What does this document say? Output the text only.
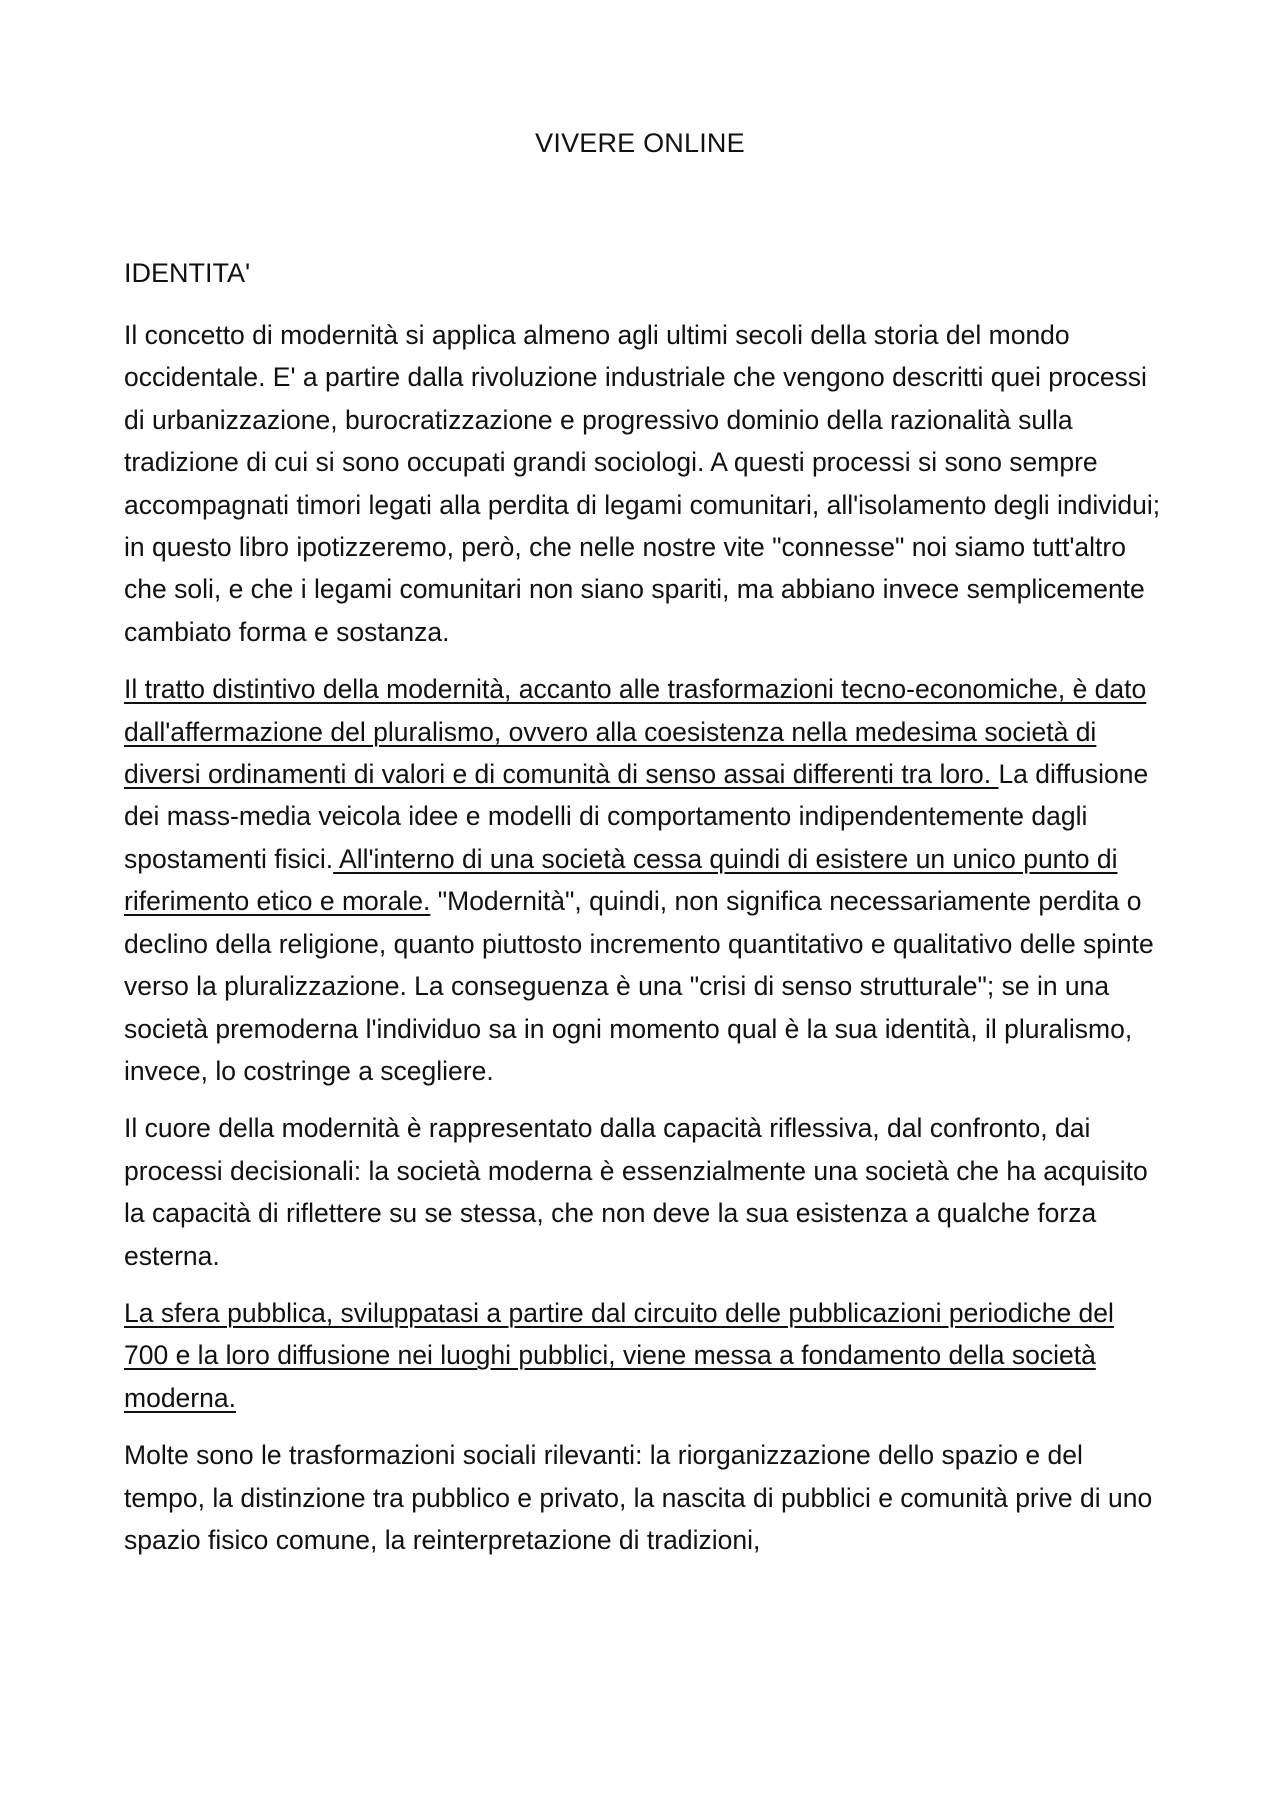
VIVERE ONLINE
IDENTITA'

Il concetto di modernità si applica almeno agli ultimi secoli della storia del mondo occidentale. E' a partire dalla rivoluzione industriale che vengono descritti quei processi di urbanizzazione, burocratizzazione e progressivo dominio della razionalità sulla tradizione di cui si sono occupati grandi sociologi. A questi processi si sono sempre accompagnati timori legati alla perdita di legami comunitari, all'isolamento degli individui; in questo libro ipotizzeremo, però, che nelle nostre vite "connesse" noi siamo tutt'altro che soli, e che i legami comunitari non siano spariti, ma abbiano invece semplicemente cambiato forma e sostanza.

Il tratto distintivo della modernità, accanto alle trasformazioni tecno-economiche, è dato dall'affermazione del pluralismo, ovvero alla coesistenza nella medesima società di diversi ordinamenti di valori e di comunità di senso assai differenti tra loro. La diffusione dei mass-media veicola idee e modelli di comportamento indipendentemente dagli spostamenti fisici. All'interno di una società cessa quindi di esistere un unico punto di riferimento etico e morale. "Modernità", quindi, non significa necessariamente perdita o declino della religione, quanto piuttosto incremento quantitativo e qualitativo delle spinte verso la pluralizzazione. La conseguenza è una "crisi di senso strutturale"; se in una società premoderna l'individuo sa in ogni momento qual è la sua identità, il pluralismo, invece, lo costringe a scegliere.

Il cuore della modernità è rappresentato dalla capacità riflessiva, dal confronto, dai processi decisionali: la società moderna è essenzialmente una società che ha acquisito la capacità di riflettere su se stessa, che non deve la sua esistenza a qualche forza esterna.

La sfera pubblica, sviluppatasi a partire dal circuito delle pubblicazioni periodiche del 700 e la loro diffusione nei luoghi pubblici, viene messa a fondamento della società moderna.

Molte sono le trasformazioni sociali rilevanti: la riorganizzazione dello spazio e del tempo, la distinzione tra pubblico e privato, la nascita di pubblici e comunità prive di uno spazio fisico comune, la reinterpretazione di tradizioni,
